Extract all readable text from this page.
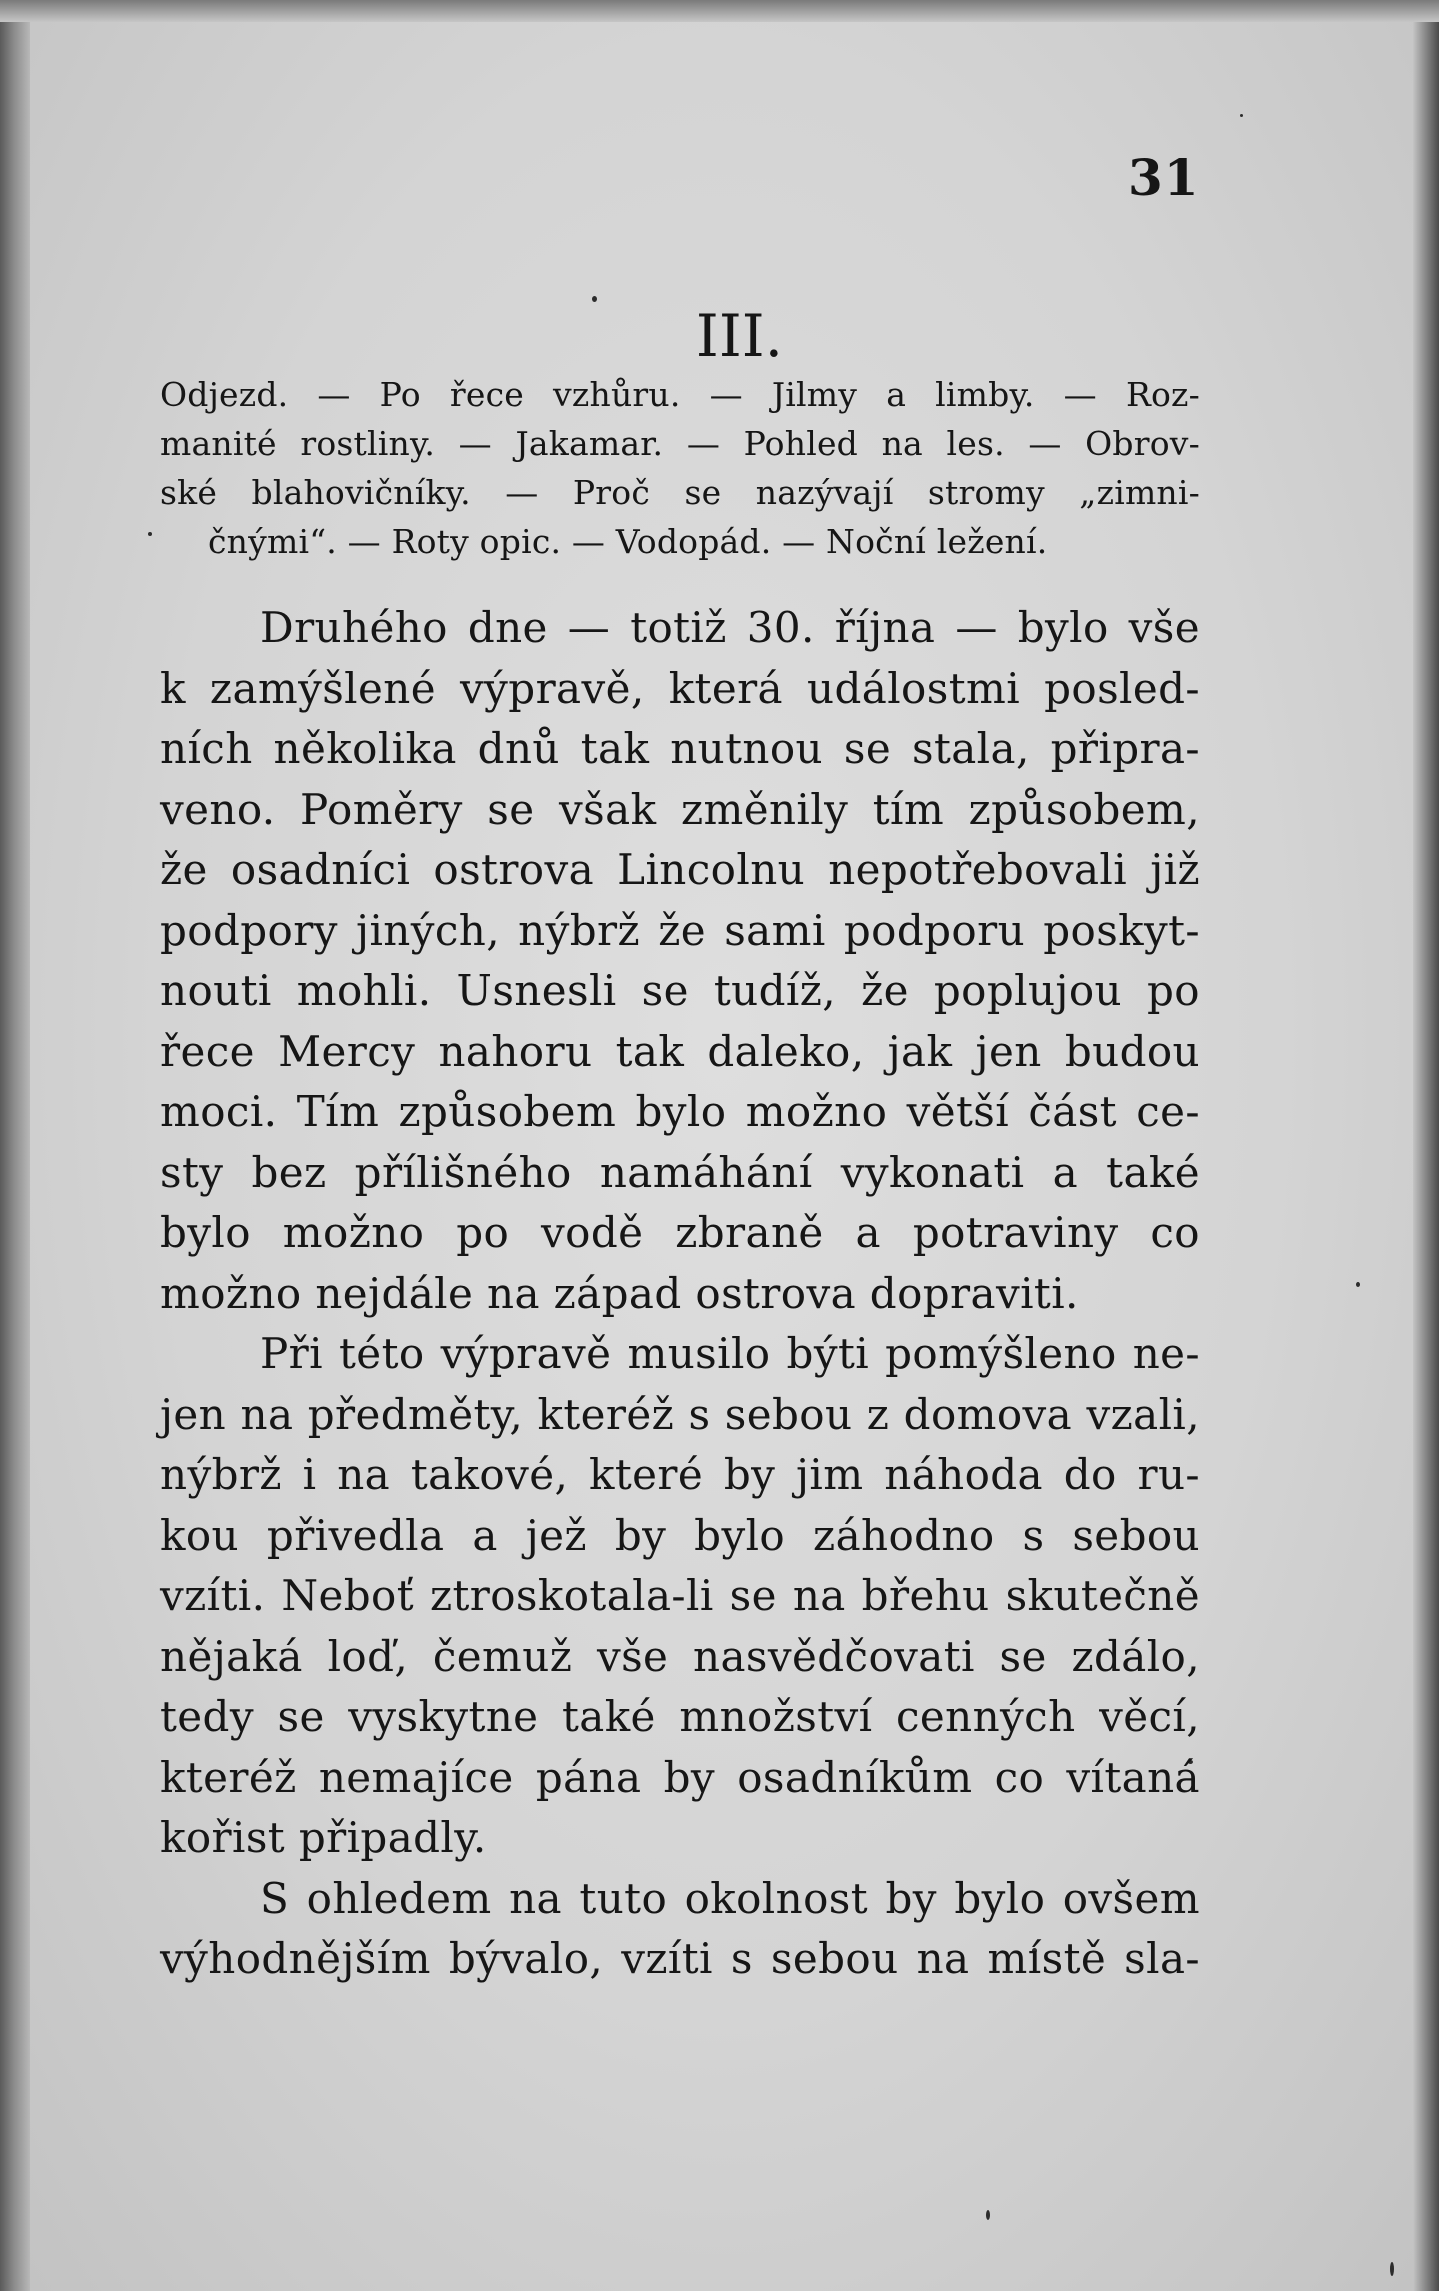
31
III.
Odjezd. — Po řece vzhůru. — Jilmy a limby. — Roz-
manité rostliny. — Jakamar. — Pohled na les. — Obrov-
ské blahovičníky. — Proč se nazývají stromy „zimni-
čnými“. — Roty opic. — Vodopád. — Noční ležení.
Druhého dne — totiž 30. října — bylo vše
k zamýšlené výpravě, která událostmi posled-
ních několika dnů tak nutnou se stala, připra-
veno. Poměry se však změnily tím způsobem,
že osadníci ostrova Lincolnu nepotřebovali již
podpory jiných, nýbrž že sami podporu poskyt-
nouti mohli. Usnesli se tudíž, že poplujou po
řece Mercy nahoru tak daleko, jak jen budou
moci. Tím způsobem bylo možno větší část ce-
sty bez přílišného namáhání vykonati a také
bylo možno po vodě zbraně a potraviny co
možno nejdále na západ ostrova dopraviti.
Při této výpravě musilo býti pomýšleno ne-
jen na předměty, kteréž s sebou z domova vzali,
nýbrž i na takové, které by jim náhoda do ru-
kou přivedla a jež by bylo záhodno s sebou
vzíti. Neboť ztroskotala-li se na břehu skutečně
nějaká loď, čemuž vše nasvědčovati se zdálo,
tedy se vyskytne také množství cenných věcí,
kteréž nemajíce pána by osadníkům co vítaná
kořist připadly.
S ohledem na tuto okolnost by bylo ovšem
výhodnějším bývalo, vzíti s sebou na místě sla-
